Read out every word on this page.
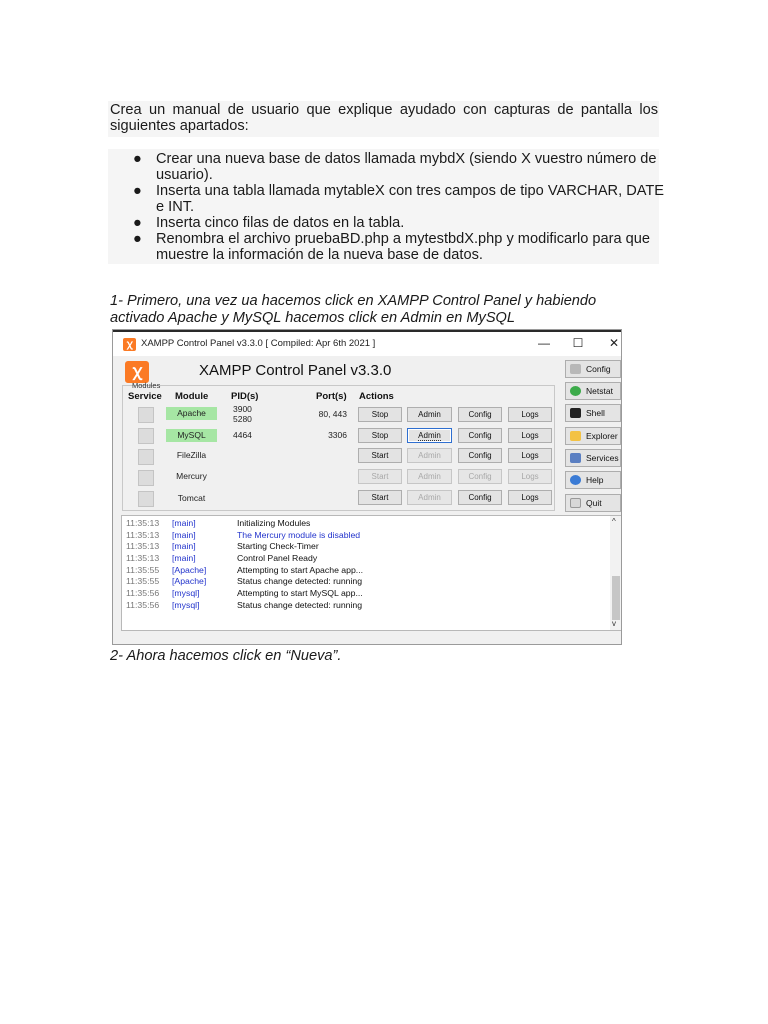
Crea un manual de usuario que explique ayudado con capturas de pantalla los
siguientes apartados:
● Crear una nueva base de datos llamada mybdX (siendo X vuestro número de usuario).
● Inserta una tabla llamada mytableX con tres campos de tipo VARCHAR, DATE e INT.
● Inserta cinco filas de datos en la tabla.
● Renombra el archivo pruebaBD.php a mytestbdX.php y modificarlo para que muestre la información de la nueva base de datos.
1- Primero, una vez ua hacemos click en XAMPP Control Panel y habiendo activado Apache y MySQL hacemos click en Admin en MySQL
ꭓ XAMPP Control Panel v3.3.0 [ Compiled: Apr 6th 2021 ]	— ☐ ✕
ꭓ	XAMPP Control Panel v3.3.0
Modules
Service Module PID(s)	Port(s) Actions
Apache	3900
5280	80, 443	Stop	Admin	Config	Logs
MySQL	4464	3306	Stop	Admin	Config	Logs
FileZilla	Start	Admin	Config	Logs
Mercury	Start	Admin	Config	Logs
Tomcat	Start	Admin	Config	Logs
Config
Netstat
Shell
Explorer
Services
Help
Quit
11:35:13 [main]	Initializing Modules
11:35:13 [main]	The Mercury module is disabled
11:35:13 [main]	Starting Check-Timer
11:35:13 [main]	Control Panel Ready
11:35:55 [Apache]	Attempting to start Apache app...
11:35:55 [Apache]	Status change detected: running
11:35:56 [mysql]	Attempting to start MySQL app...
11:35:56 [mysql]	Status change detected: running
^
v
2- Ahora hacemos click en “Nueva”.
